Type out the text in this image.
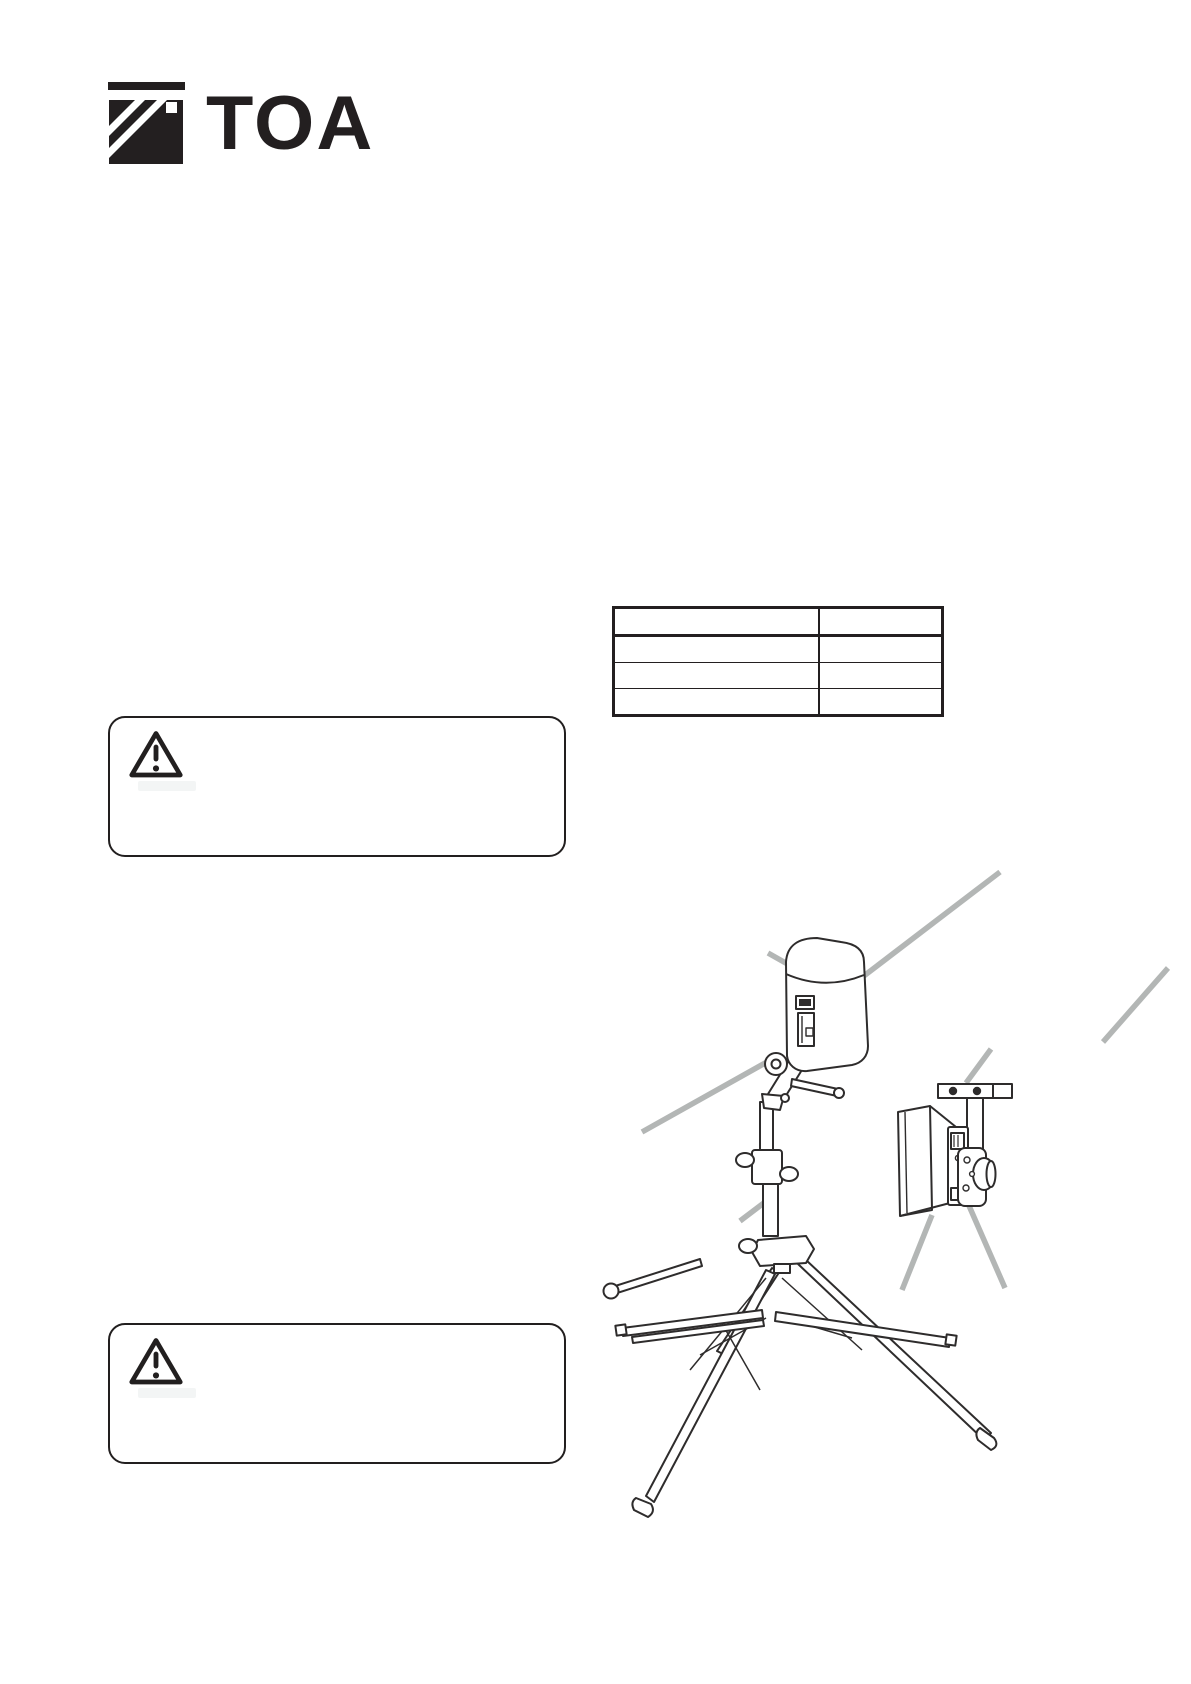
TOA
